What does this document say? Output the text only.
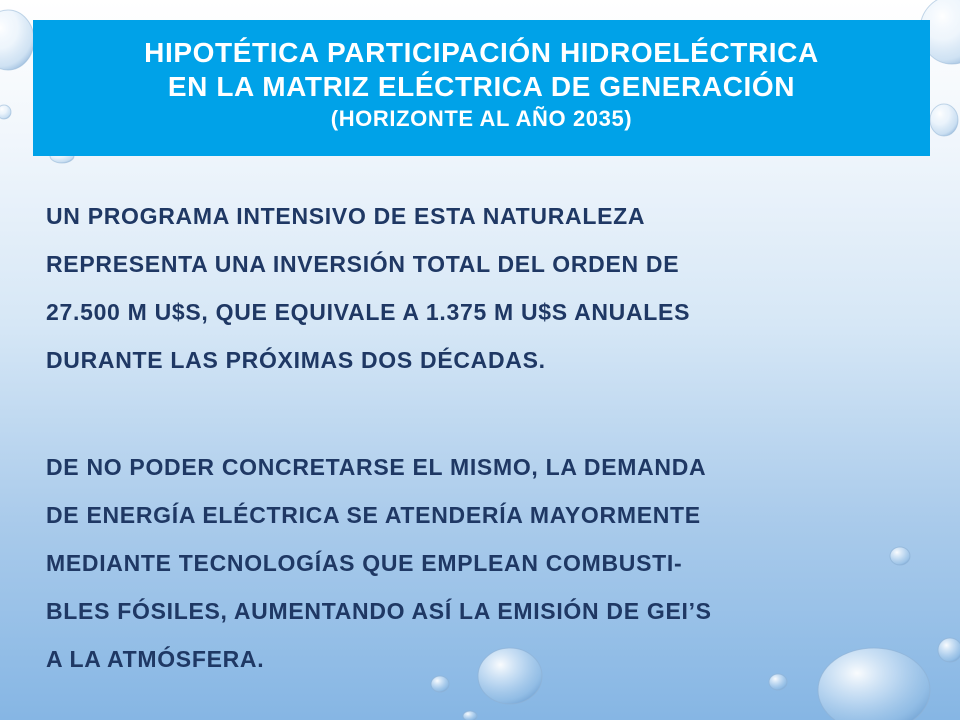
HIPOTÉTICA PARTICIPACIÓN HIDROELÉCTRICA
EN LA MATRIZ ELÉCTRICA DE GENERACIÓN
(HORIZONTE AL AÑO 2035)
UN PROGRAMA INTENSIVO DE ESTA NATURALEZA
REPRESENTA UNA INVERSIÓN TOTAL DEL ORDEN DE
27.500 M U$S, QUE EQUIVALE A 1.375 M U$S ANUALES
DURANTE LAS PRÓXIMAS DOS DÉCADAS.
DE NO PODER CONCRETARSE EL MISMO, LA DEMANDA
DE ENERGÍA ELÉCTRICA SE ATENDERÍA MAYORMENTE
MEDIANTE TECNOLOGÍAS QUE EMPLEAN COMBUSTI-
BLES FÓSILES, AUMENTANDO ASÍ LA EMISIÓN DE GEI’S
A LA ATMÓSFERA.
